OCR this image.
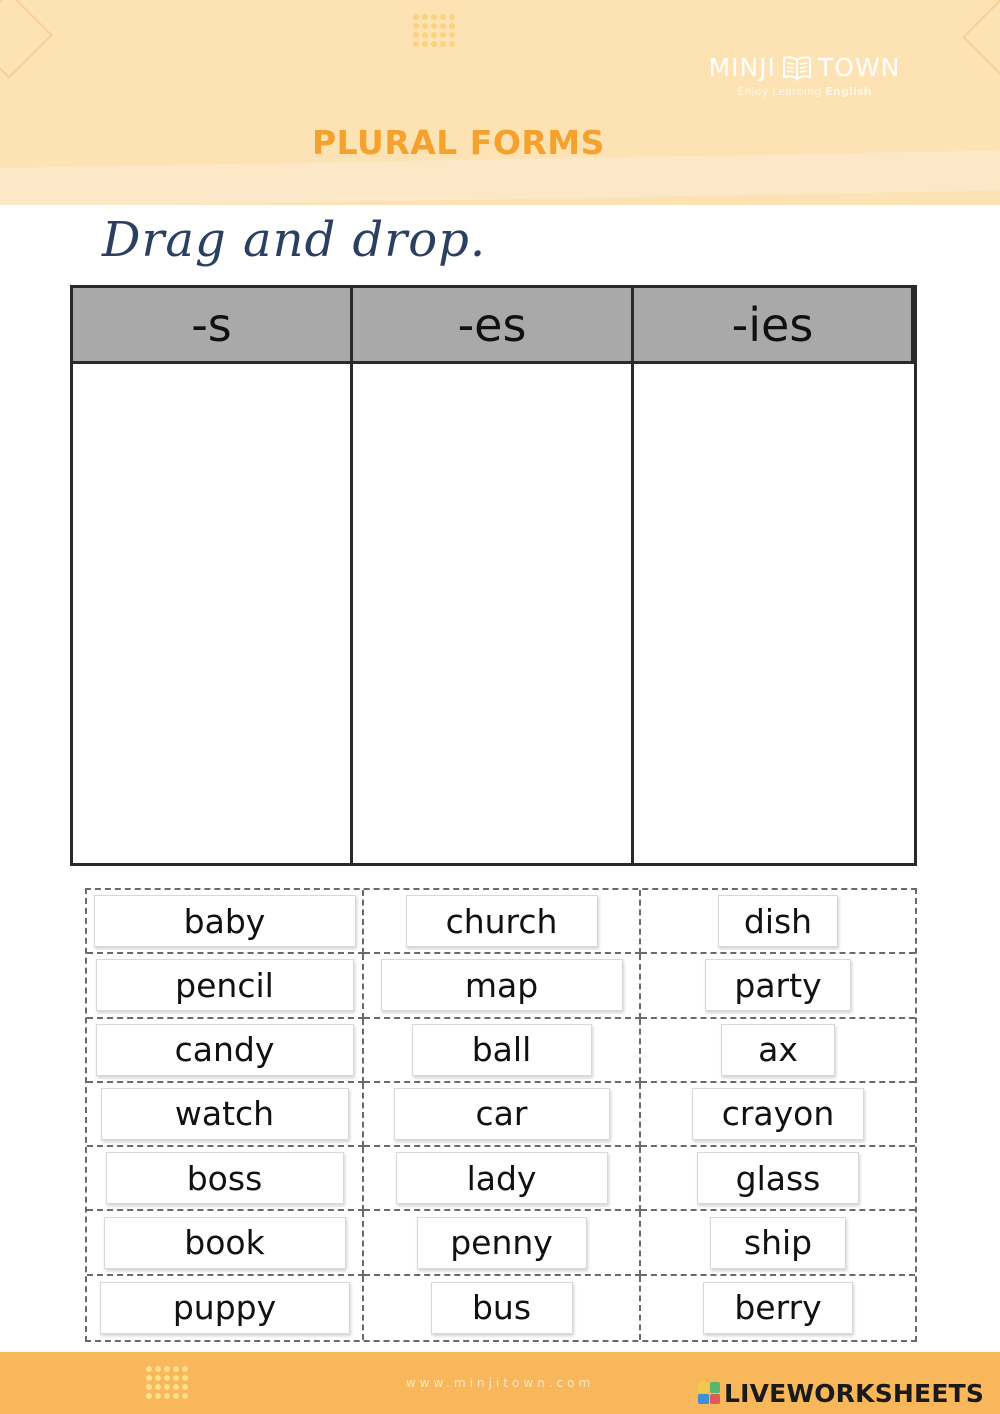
MINJI TOWN
Enjoy Learning English
PLURAL FORMS
Drag and drop.
-s	-es	-ies
baby	church	dish
pencil	map	party
candy	ball	ax
watch	car	crayon
boss	lady	glass
book	penny	ship
puppy	bus	berry
www.minjitown.com	LIVEWORKSHEETS
